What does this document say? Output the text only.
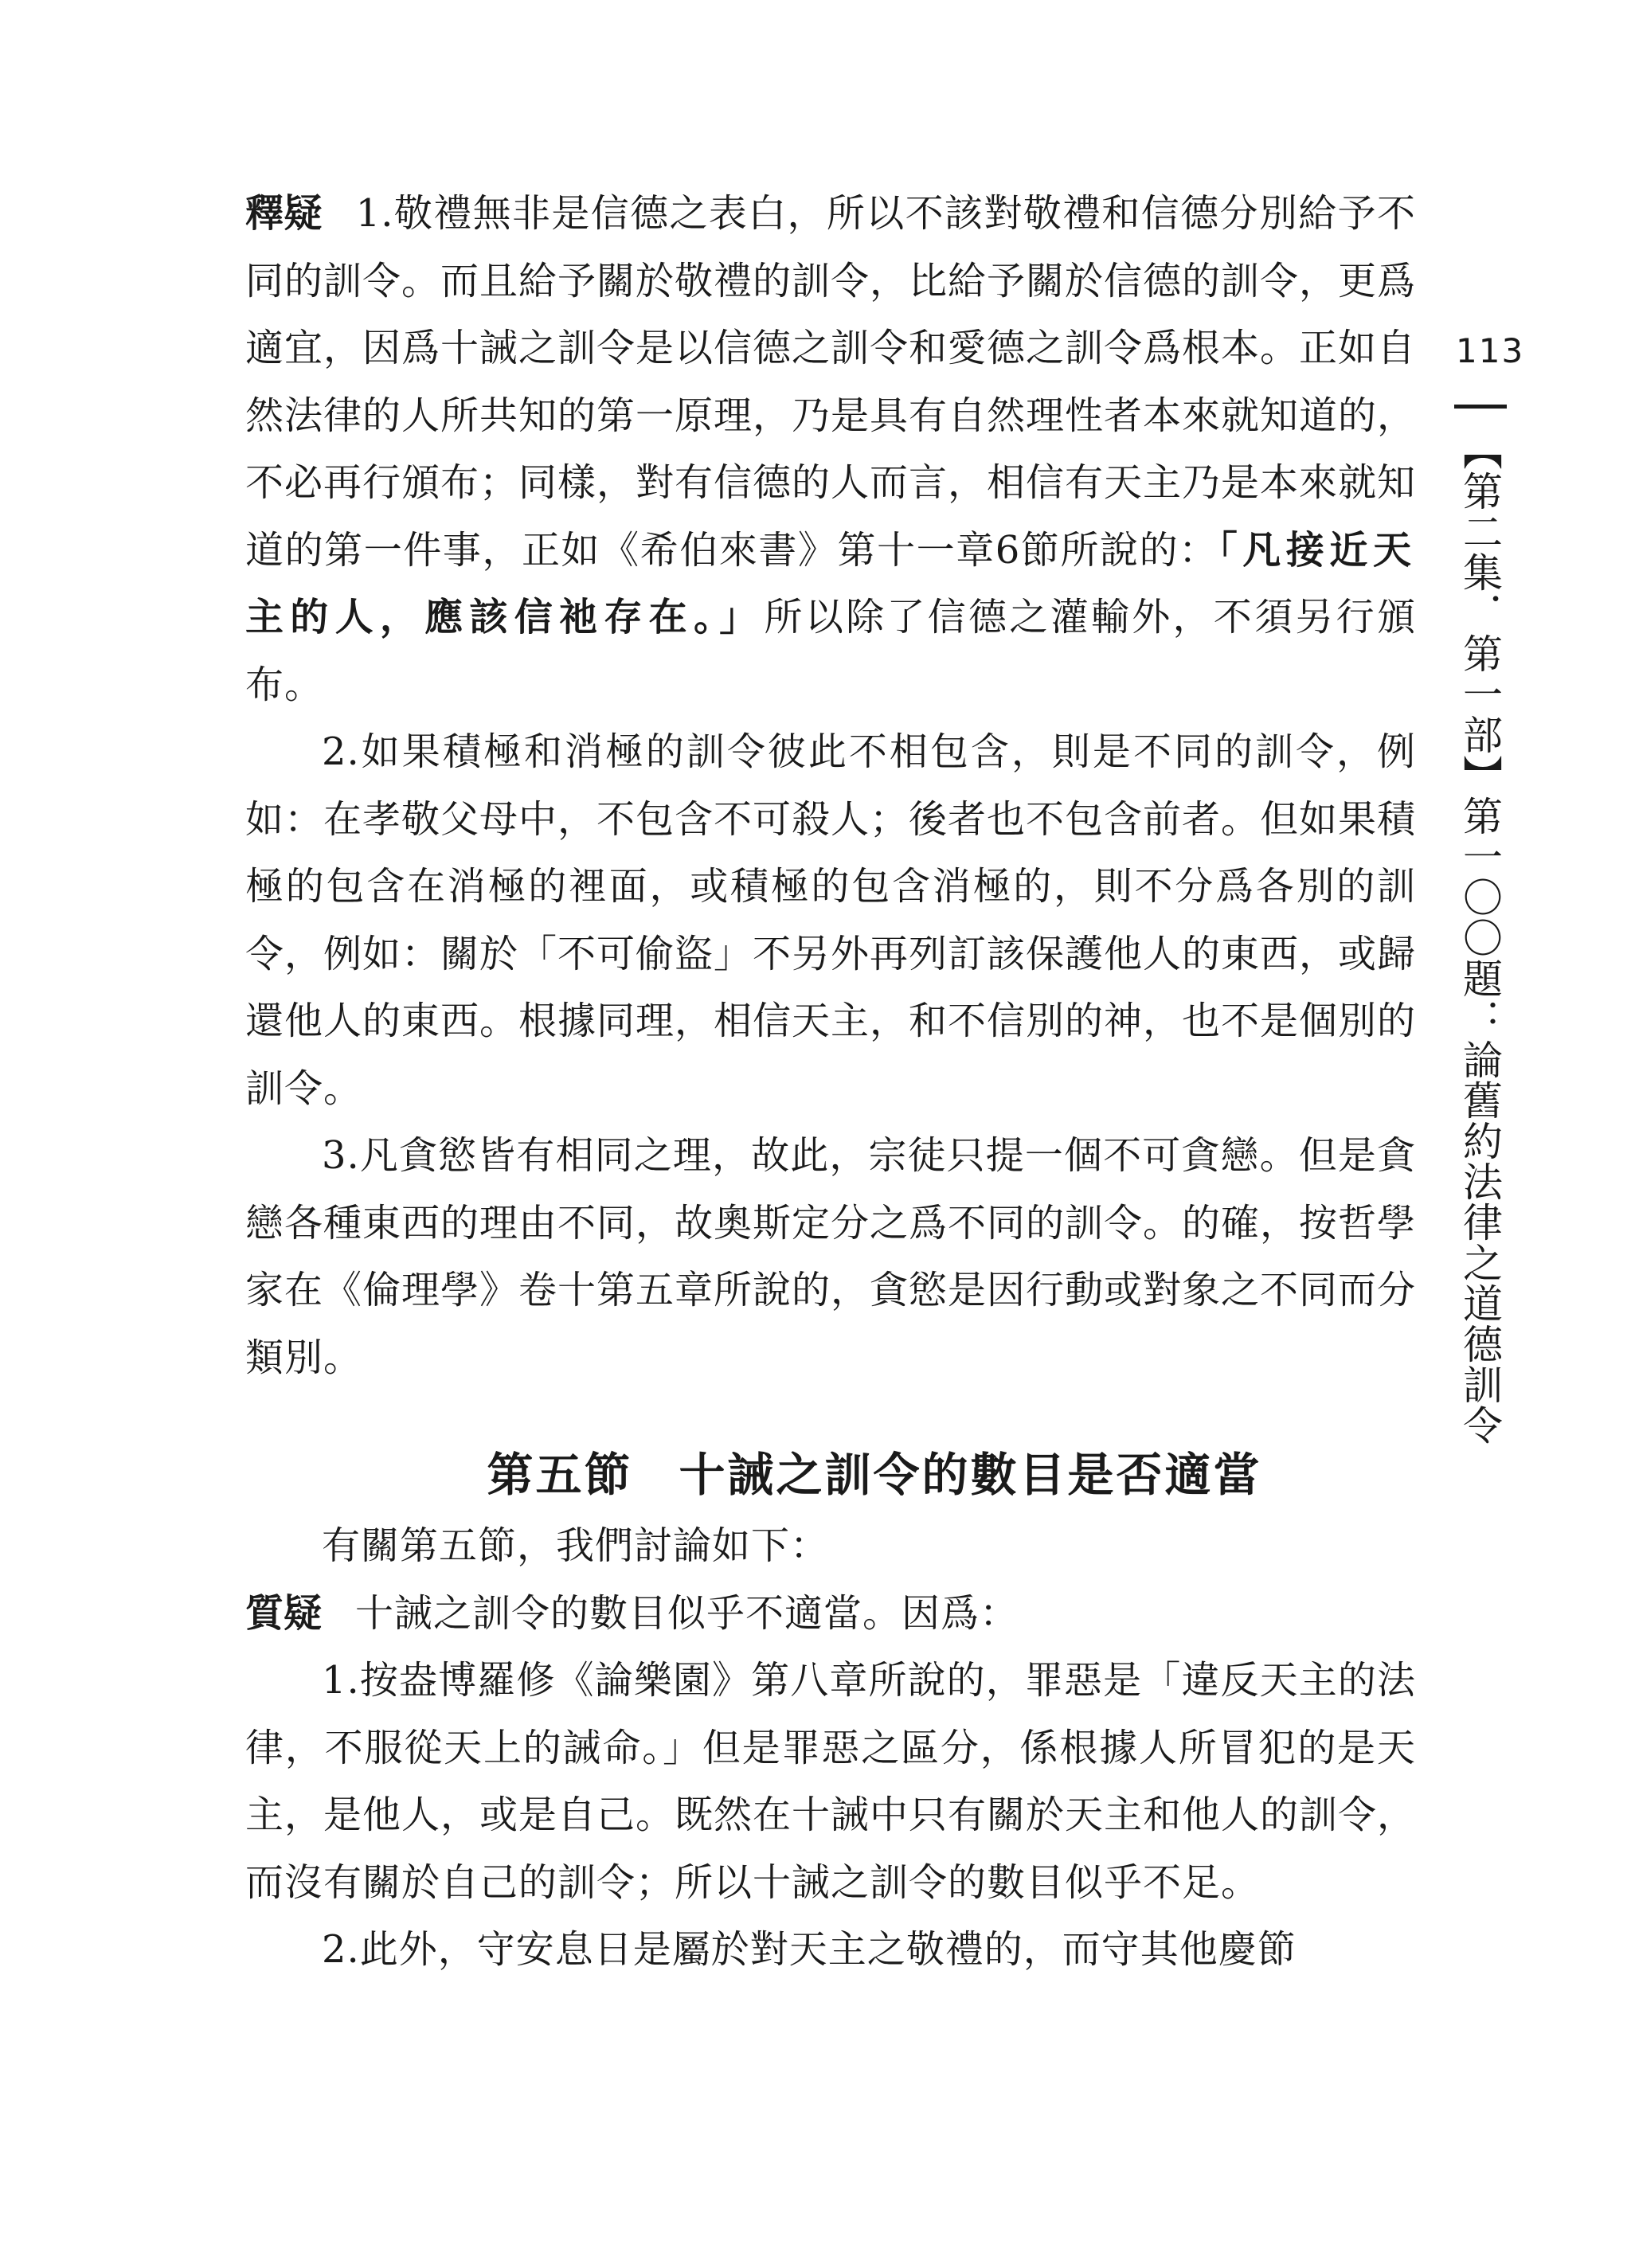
釋疑 1.敬禮無非是信德之表白，所以不該對敬禮和信德分別給予不同的訓令。而且給予關於敬禮的訓令，比給予關於信德的訓令，更爲適宜，因爲十誡之訓令是以信德之訓令和愛德之訓令爲根本。正如自然法律的人所共知的第一原理，乃是具有自然理性者本來就知道的，不必再行頒布；同樣，對有信德的人而言，相信有天主乃是本來就知道的第一件事，正如《希伯來書》第十一章6節所說的：「凡接近天主的人，應該信祂存在。」所以除了信德之灌輸外，不須另行頒布。

2.如果積極和消極的訓令彼此不相包含，則是不同的訓令，例如：在孝敬父母中，不包含不可殺人；後者也不包含前者。但如果積極的包含在消極的裡面，或積極的包含消極的，則不分爲各別的訓令，例如：關於「不可偷盜」不另外再列訂該保護他人的東西，或歸還他人的東西。根據同理，相信天主，和不信別的神，也不是個別的訓令。

3.凡貪慾皆有相同之理，故此，宗徒只提一個不可貪戀。但是貪戀各種東西的理由不同，故奧斯定分之爲不同的訓令。的確，按哲學家在《倫理學》卷十第五章所說的，貪慾是因行動或對象之不同而分類別。

第五節 十誡之訓令的數目是否適當

有關第五節，我們討論如下：

質疑 十誡之訓令的數目似乎不適當。因爲：

1.按盎博羅修《論樂園》第八章所說的，罪惡是「違反天主的法律，不服從天上的誡命。」但是罪惡之區分，係根據人所冒犯的是天主，是他人，或是自己。既然在十誡中只有關於天主和他人的訓令，而沒有關於自己的訓令；所以十誡之訓令的數目似乎不足。

2.此外，守安息日是屬於對天主之敬禮的，而守其他慶節

113
【第二集．第一部】第一〇〇題：論舊約法律之道德訓令
